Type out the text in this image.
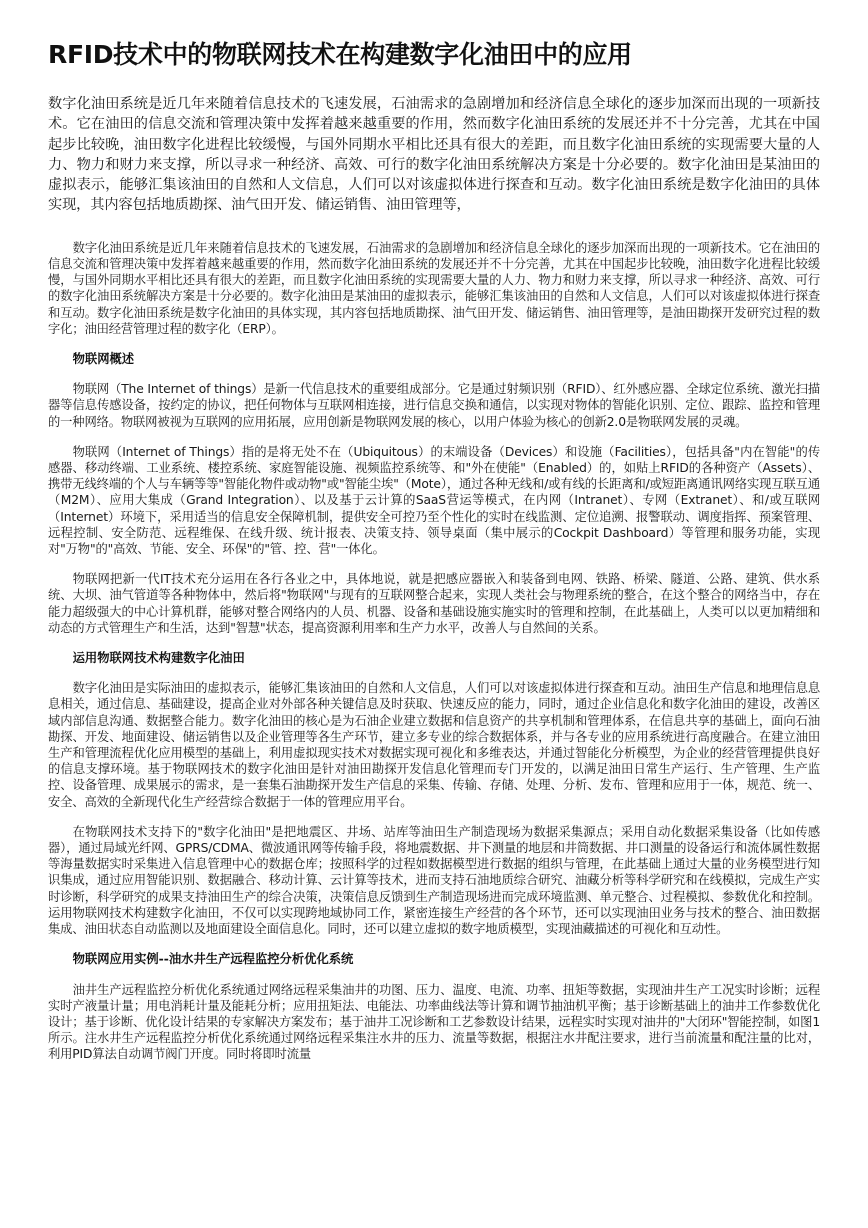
RFID技术中的物联网技术在构建数字化油田中的应用

数字化油田系统是近几年来随着信息技术的飞速发展，石油需求的急剧增加和经济信息全球化的逐步加深而出现的一项新技术。它在油田的信息交流和管理决策中发挥着越来越重要的作用，然而数字化油田系统的发展还并不十分完善，尤其在中国起步比较晚，油田数字化进程比较缓慢，与国外同期水平相比还具有很大的差距，而且数字化油田系统的实现需要大量的人力、物力和财力来支撑，所以寻求一种经济、高效、可行的数字化油田系统解决方案是十分必要的。数字化油田是某油田的虚拟表示，能够汇集该油田的自然和人文信息，人们可以对该虚拟体进行探查和互动。数字化油田系统是数字化油田的具体实现，其内容包括地质勘探、油气田开发、储运销售、油田管理等，

数字化油田系统是近几年来随着信息技术的飞速发展，石油需求的急剧增加和经济信息全球化的逐步加深而出现的一项新技术。它在油田的信息交流和管理决策中发挥着越来越重要的作用，然而数字化油田系统的发展还并不十分完善，尤其在中国起步比较晚，油田数字化进程比较缓慢，与国外同期水平相比还具有很大的差距，而且数字化油田系统的实现需要大量的人力、物力和财力来支撑，所以寻求一种经济、高效、可行的数字化油田系统解决方案是十分必要的。数字化油田是某油田的虚拟表示，能够汇集该油田的自然和人文信息，人们可以对该虚拟体进行探查和互动。数字化油田系统是数字化油田的具体实现，其内容包括地质勘探、油气田开发、储运销售、油田管理等，是油田勘探开发研究过程的数字化；油田经营管理过程的数字化（ERP）。

物联网概述

物联网（The Internet of things）是新一代信息技术的重要组成部分。它是通过射频识别（RFID）、红外感应器、全球定位系统、激光扫描器等信息传感设备，按约定的协议，把任何物体与互联网相连接，进行信息交换和通信，以实现对物体的智能化识别、定位、跟踪、监控和管理的一种网络。物联网被视为互联网的应用拓展，应用创新是物联网发展的核心，以用户体验为核心的创新2.0是物联网发展的灵魂。

物联网（Internet of Things）指的是将无处不在（Ubiquitous）的末端设备（Devices）和设施（Facilities），包括具备"内在智能"的传感器、移动终端、工业系统、楼控系统、家庭智能设施、视频监控系统等、和"外在使能"（Enabled）的，如贴上RFID的各种资产（Assets）、携带无线终端的个人与车辆等等"智能化物件或动物"或"智能尘埃"（Mote），通过各种无线和/或有线的长距离和/或短距离通讯网络实现互联互通（M2M）、应用大集成（Grand Integration）、以及基于云计算的SaaS营运等模式，在内网（Intranet）、专网（Extranet）、和/或互联网（Internet）环境下，采用适当的信息安全保障机制，提供安全可控乃至个性化的实时在线监测、定位追溯、报警联动、调度指挥、预案管理、远程控制、安全防范、远程维保、在线升级、统计报表、决策支持、领导桌面（集中展示的Cockpit Dashboard）等管理和服务功能，实现对"万物"的"高效、节能、安全、环保"的"管、控、营"一体化。

物联网把新一代IT技术充分运用在各行各业之中，具体地说，就是把感应器嵌入和装备到电网、铁路、桥梁、隧道、公路、建筑、供水系统、大坝、油气管道等各种物体中，然后将"物联网"与现有的互联网整合起来，实现人类社会与物理系统的整合，在这个整合的网络当中，存在能力超级强大的中心计算机群，能够对整合网络内的人员、机器、设备和基础设施实施实时的管理和控制，在此基础上，人类可以以更加精细和动态的方式管理生产和生活，达到"智慧"状态，提高资源利用率和生产力水平，改善人与自然间的关系。

运用物联网技术构建数字化油田

数字化油田是实际油田的虚拟表示，能够汇集该油田的自然和人文信息，人们可以对该虚拟体进行探查和互动。油田生产信息和地理信息息息相关，通过信息、基础建设，提高企业对外部各种关键信息及时获取、快速反应的能力，同时，通过企业信息化和数字化油田的建设，改善区域内部信息沟通、数据整合能力。数字化油田的核心是为石油企业建立数据和信息资产的共享机制和管理体系，在信息共享的基础上，面向石油勘探、开发、地面建设、储运销售以及企业管理等各生产环节，建立多专业的综合数据体系，并与各专业的应用系统进行高度融合。在建立油田生产和管理流程优化应用模型的基础上，利用虚拟现实技术对数据实现可视化和多维表达，并通过智能化分析模型，为企业的经营管理提供良好的信息支撑环境。基于物联网技术的数字化油田是针对油田勘探开发信息化管理而专门开发的，以满足油田日常生产运行、生产管理、生产监控、设备管理、成果展示的需求，是一套集石油勘探开发生产信息的采集、传输、存储、处理、分析、发布、管理和应用于一体，规范、统一、安全、高效的全新现代化生产经营综合数据于一体的管理应用平台。

在物联网技术支持下的"数字化油田"是把地震区、井场、站库等油田生产制造现场为数据采集源点；采用自动化数据采集设备（比如传感器），通过局域光纤网、GPRS/CDMA、微波通讯网等传输手段，将地震数据、井下测量的地层和井筒数据、井口测量的设备运行和流体属性数据等海量数据实时采集进入信息管理中心的数据仓库；按照科学的过程如数据模型进行数据的组织与管理，在此基础上通过大量的业务模型进行知识集成，通过应用智能识别、数据融合、移动计算、云计算等技术，进而支持石油地质综合研究、油藏分析等科学研究和在线模拟，完成生产实时诊断，科学研究的成果支持油田生产的综合决策，决策信息反馈到生产制造现场进而完成环境监测、单元整合、过程模拟、参数优化和控制。运用物联网技术构建数字化油田，不仅可以实现跨地域协同工作，紧密连接生产经营的各个环节，还可以实现油田业务与技术的整合、油田数据集成、油田状态自动监测以及地面建设全面信息化。同时，还可以建立虚拟的数字地质模型，实现油藏描述的可视化和互动性。

物联网应用实例--油水井生产远程监控分析优化系统

油井生产远程监控分析优化系统通过网络远程采集油井的功图、压力、温度、电流、功率、扭矩等数据，实现油井生产工况实时诊断；远程实时产液量计量；用电消耗计量及能耗分析；应用扭矩法、电能法、功率曲线法等计算和调节抽油机平衡；基于诊断基础上的油井工作参数优化设计；基于诊断、优化设计结果的专家解决方案发布；基于油井工况诊断和工艺参数设计结果，远程实时实现对油井的"大闭环"智能控制，如图1所示。注水井生产远程监控分析优化系统通过网络远程采集注水井的压力、流量等数据，根据注水井配注要求，进行当前流量和配注量的比对，利用PID算法自动调节阀门开度。同时将即时流量
